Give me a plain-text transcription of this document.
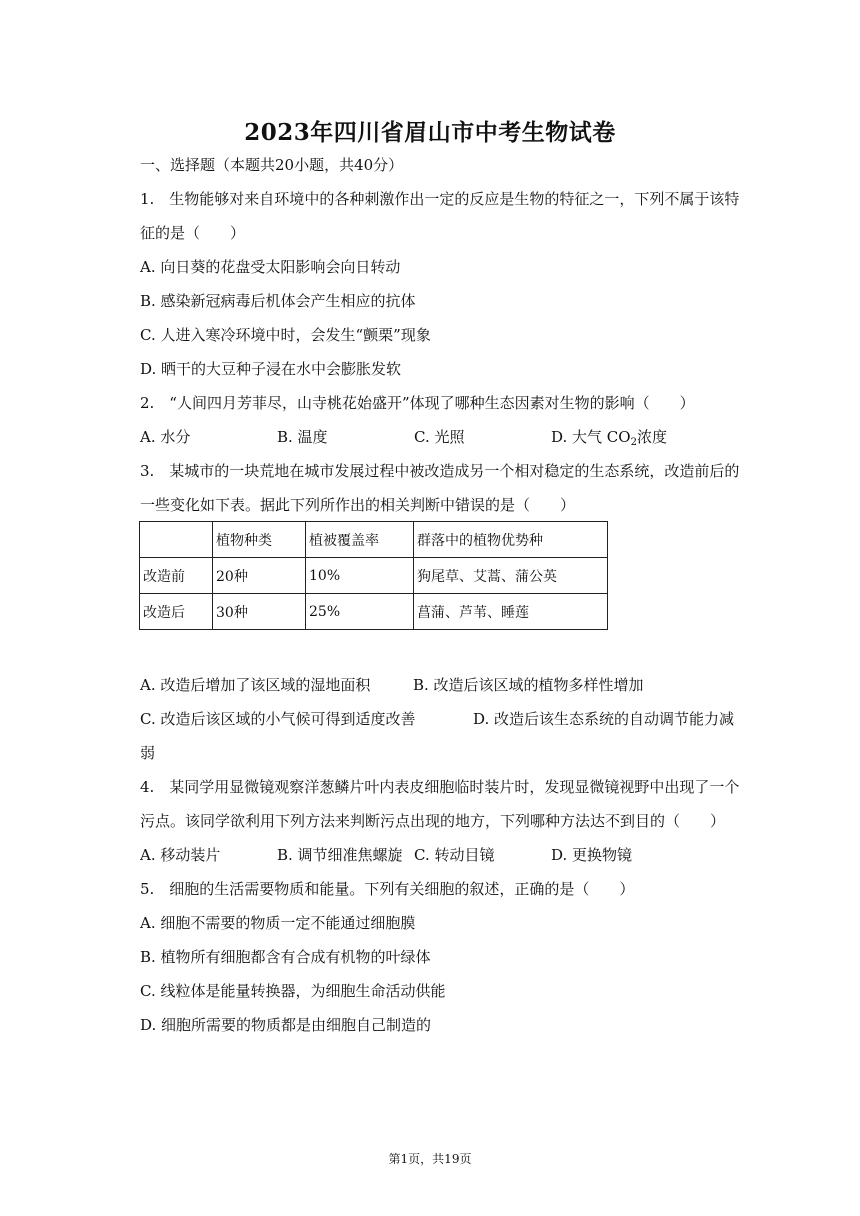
2023年四川省眉山市中考生物试卷
一、选择题（本题共20小题，共40分）
1.　生物能够对来自环境中的各种刺激作出一定的反应是生物的特征之一，下列不属于该特
征的是（　　）
A. 向日葵的花盘受太阳影响会向日转动
B. 感染新冠病毒后机体会产生相应的抗体
C. 人进入寒冷环境中时，会发生“颤栗”现象
D. 晒干的大豆种子浸在水中会膨胀发软
2.　“人间四月芳菲尽，山寺桃花始盛开”体现了哪种生态因素对生物的影响（　　）
A. 水分	B. 温度	C. 光照	D. 大气 $CO_2$浓度
3.　某城市的一块荒地在城市发展过程中被改造成另一个相对稳定的生态系统，改造前后的
一些变化如下表。据此下列所作出的相关判断中错误的是（　　）
	植物种类	植被覆盖率	群落中的植物优势种
改造前	20种	10%	狗尾草、艾蒿、蒲公英
改造后	30种	25%	菖蒲、芦苇、睡莲
A. 改造后增加了该区域的湿地面积	B. 改造后该区域的植物多样性增加
C. 改造后该区域的小气候可得到适度改善	D. 改造后该生态系统的自动调节能力减
弱
4.　某同学用显微镜观察洋葱鳞片叶内表皮细胞临时装片时，发现显微镜视野中出现了一个
污点。该同学欲利用下列方法来判断污点出现的地方，下列哪种方法达不到目的（　　）
A. 移动装片	B. 调节细准焦螺旋 C. 转动目镜	D. 更换物镜
5.　细胞的生活需要物质和能量。下列有关细胞的叙述，正确的是（　　）
A. 细胞不需要的物质一定不能通过细胞膜
B. 植物所有细胞都含有合成有机物的叶绿体
C. 线粒体是能量转换器，为细胞生命活动供能
D. 细胞所需要的物质都是由细胞自己制造的
第1页，共19页
